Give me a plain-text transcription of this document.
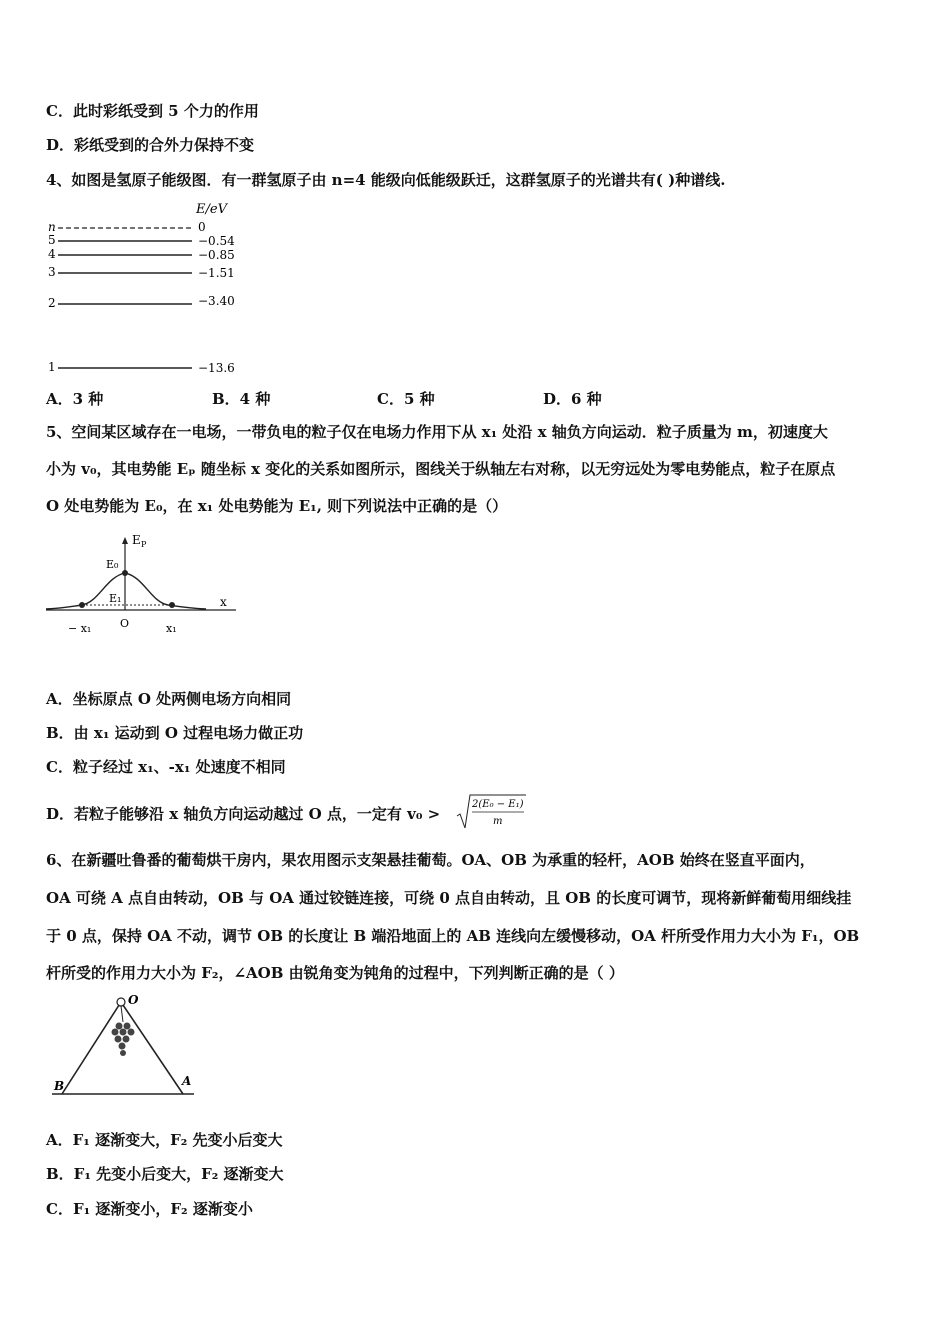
C．此时彩纸受到 5 个力的作用
D．彩纸受到的合外力保持不变
4、如图是氢原子能级图．有一群氢原子由 n=4 能级向低能级跃迁，这群氢原子的光谱共有( )种谱线.
E/eV
n	0
5	−0.54
4	−0.85
3	−1.51
2	−3.40
1	−13.6
A．3 种	B．4 种	C．5 种	D．6 种
5、空间某区域存在一电场，一带负电的粒子仅在电场力作用下从 x₁ 处沿 x 轴负方向运动．粒子质量为 m，初速度大
小为 v₀，其电势能 Eₚ 随坐标 x 变化的关系如图所示，图线关于纵轴左右对称，以无穷远处为零电势能点，粒子在原点
O 处电势能为 E₀，在 x₁ 处电势能为 E₁, 则下列说法中正确的是（）
E P
x
E₀
E₁
− x₁	O	x₁
A．坐标原点 O 处两侧电场方向相同
B．由 x₁ 运动到 O 过程电场力做正功
C．粒子经过 x₁、-x₁ 处速度不相同
D．若粒子能够沿 x 轴负方向运动越过 O 点，一定有 v₀ >
2(E₀ − E₁)
m
6、在新疆吐鲁番的葡萄烘干房内，果农用图示支架悬挂葡萄。OA、OB 为承重的轻杆，AOB 始终在竖直平面内，
OA 可绕 A 点自由转动，OB 与 OA 通过铰链连接，可绕 0 点自由转动，且 OB 的长度可调节，现将新鲜葡萄用细线挂
于 0 点，保持 OA 不动，调节 OB 的长度让 B 端沿地面上的 AB 连线向左缓慢移动，OA 杆所受作用力大小为 F₁，OB
杆所受的作用力大小为 F₂，∠AOB 由锐角变为钝角的过程中，下列判断正确的是（ ）
O
A
B
A．F₁ 逐渐变大，F₂ 先变小后变大
B．F₁ 先变小后变大，F₂ 逐渐变大
C．F₁ 逐渐变小，F₂ 逐渐变小
